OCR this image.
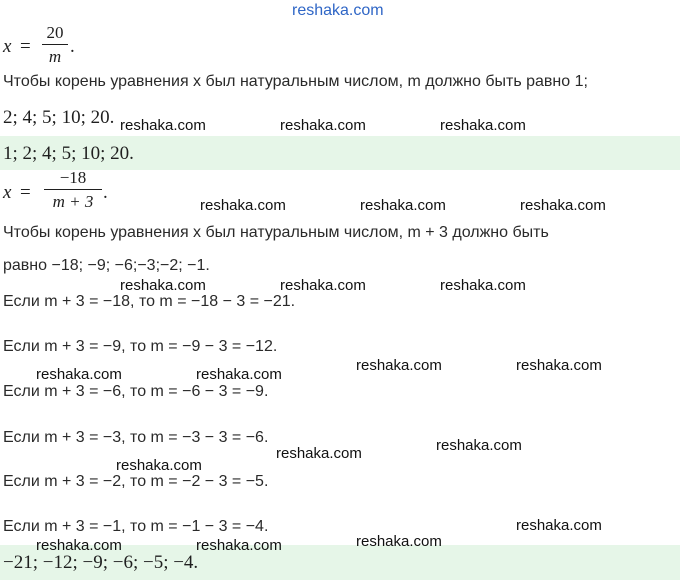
reshaka.com
x =
20
m .
Чтобы корень уравнения x был натуральным числом, m должно быть равно 1;
2; 4; 5; 10; 20.
1; 2; 4; 5; 10; 20.
x =
−18
m + 3 .
Чтобы корень уравнения x был натуральным числом, m + 3 должно быть
равно −18; −9; −6;−3;−2; −1.
Если m + 3 = −18, то m = −18 − 3 = −21.
Если m + 3 = −9, то m = −9 − 3 = −12.
Если m + 3 = −6, то m = −6 − 3 = −9.
Если m + 3 = −3, то m = −3 − 3 = −6.
Если m + 3 = −2, то m = −2 − 3 = −5.
Если m + 3 = −1, то m = −1 − 3 = −4.
−21; −12; −9; −6; −5; −4.
reshaka.com	reshaka.com	reshaka.com
reshaka.com	reshaka.com	reshaka.com
reshaka.com	reshaka.com	reshaka.com
reshaka.com	reshaka.com
reshaka.com	reshaka.com
reshaka.com
reshaka.com
reshaka.com
reshaka.com
reshaka.com
reshaka.com	reshaka.com
